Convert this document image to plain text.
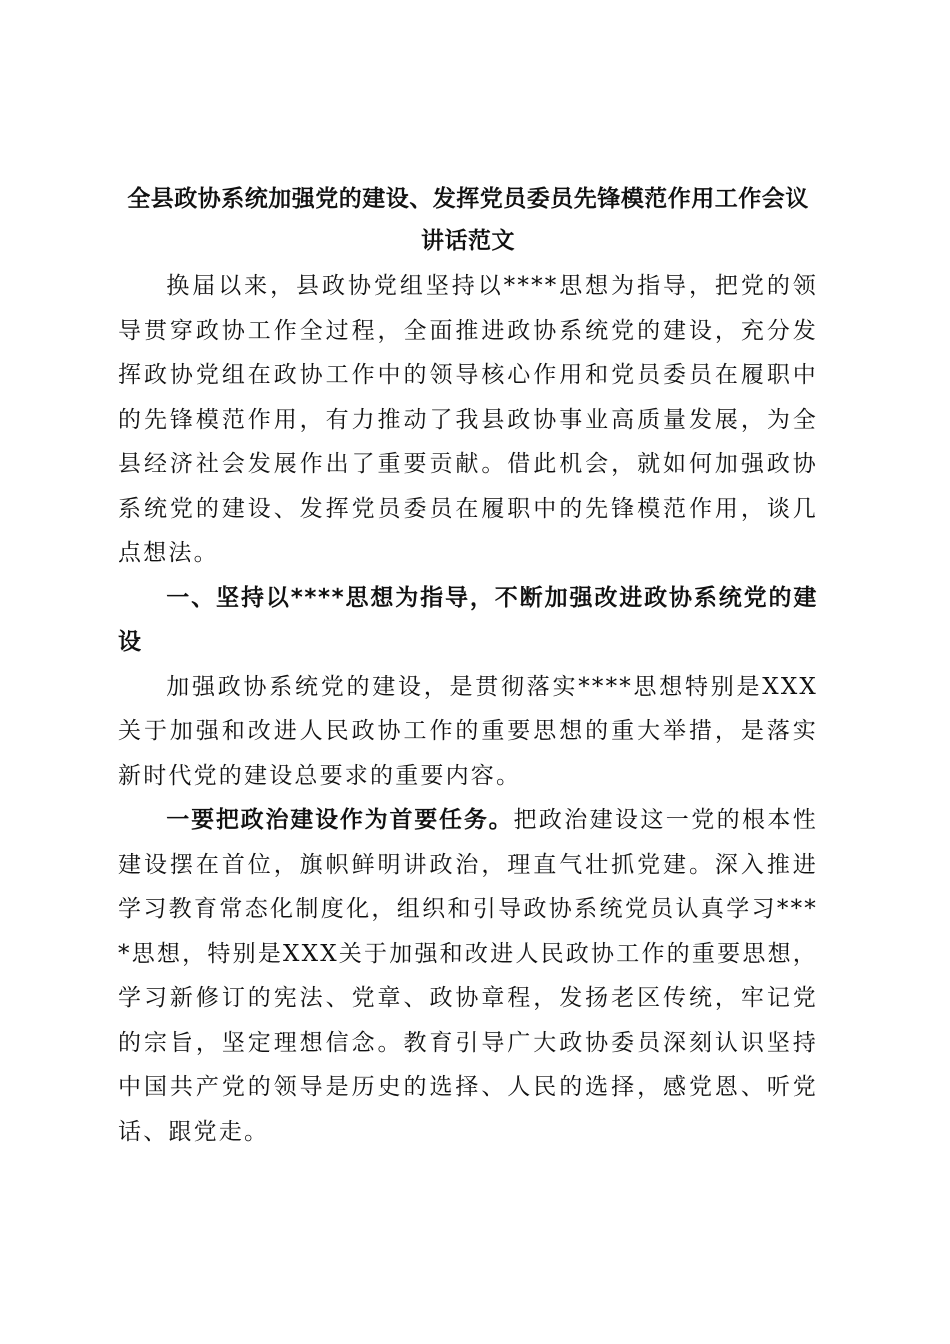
全县政协系统加强党的建设、发挥党员委员先锋模范作用工作会议讲话范文

换届以来，县政协党组坚持以****思想为指导，把党的领导贯穿政协工作全过程，全面推进政协系统党的建设，充分发挥政协党组在政协工作中的领导核心作用和党员委员在履职中的先锋模范作用，有力推动了我县政协事业高质量发展，为全县经济社会发展作出了重要贡献。借此机会，就如何加强政协系统党的建设、发挥党员委员在履职中的先锋模范作用，谈几点想法。

一、坚持以****思想为指导，不断加强改进政协系统党的建设

加强政协系统党的建设，是贯彻落实****思想特别是XXX关于加强和改进人民政协工作的重要思想的重大举措，是落实新时代党的建设总要求的重要内容。

一要把政治建设作为首要任务。把政治建设这一党的根本性建设摆在首位，旗帜鲜明讲政治，理直气壮抓党建。深入推进学习教育常态化制度化，组织和引导政协系统党员认真学习****思想，特别是XXX关于加强和改进人民政协工作的重要思想，学习新修订的宪法、党章、政协章程，发扬老区传统，牢记党的宗旨，坚定理想信念。教育引导广大政协委员深刻认识坚持中国共产党的领导是历史的选择、人民的选择，感党恩、听党话、跟党走。
